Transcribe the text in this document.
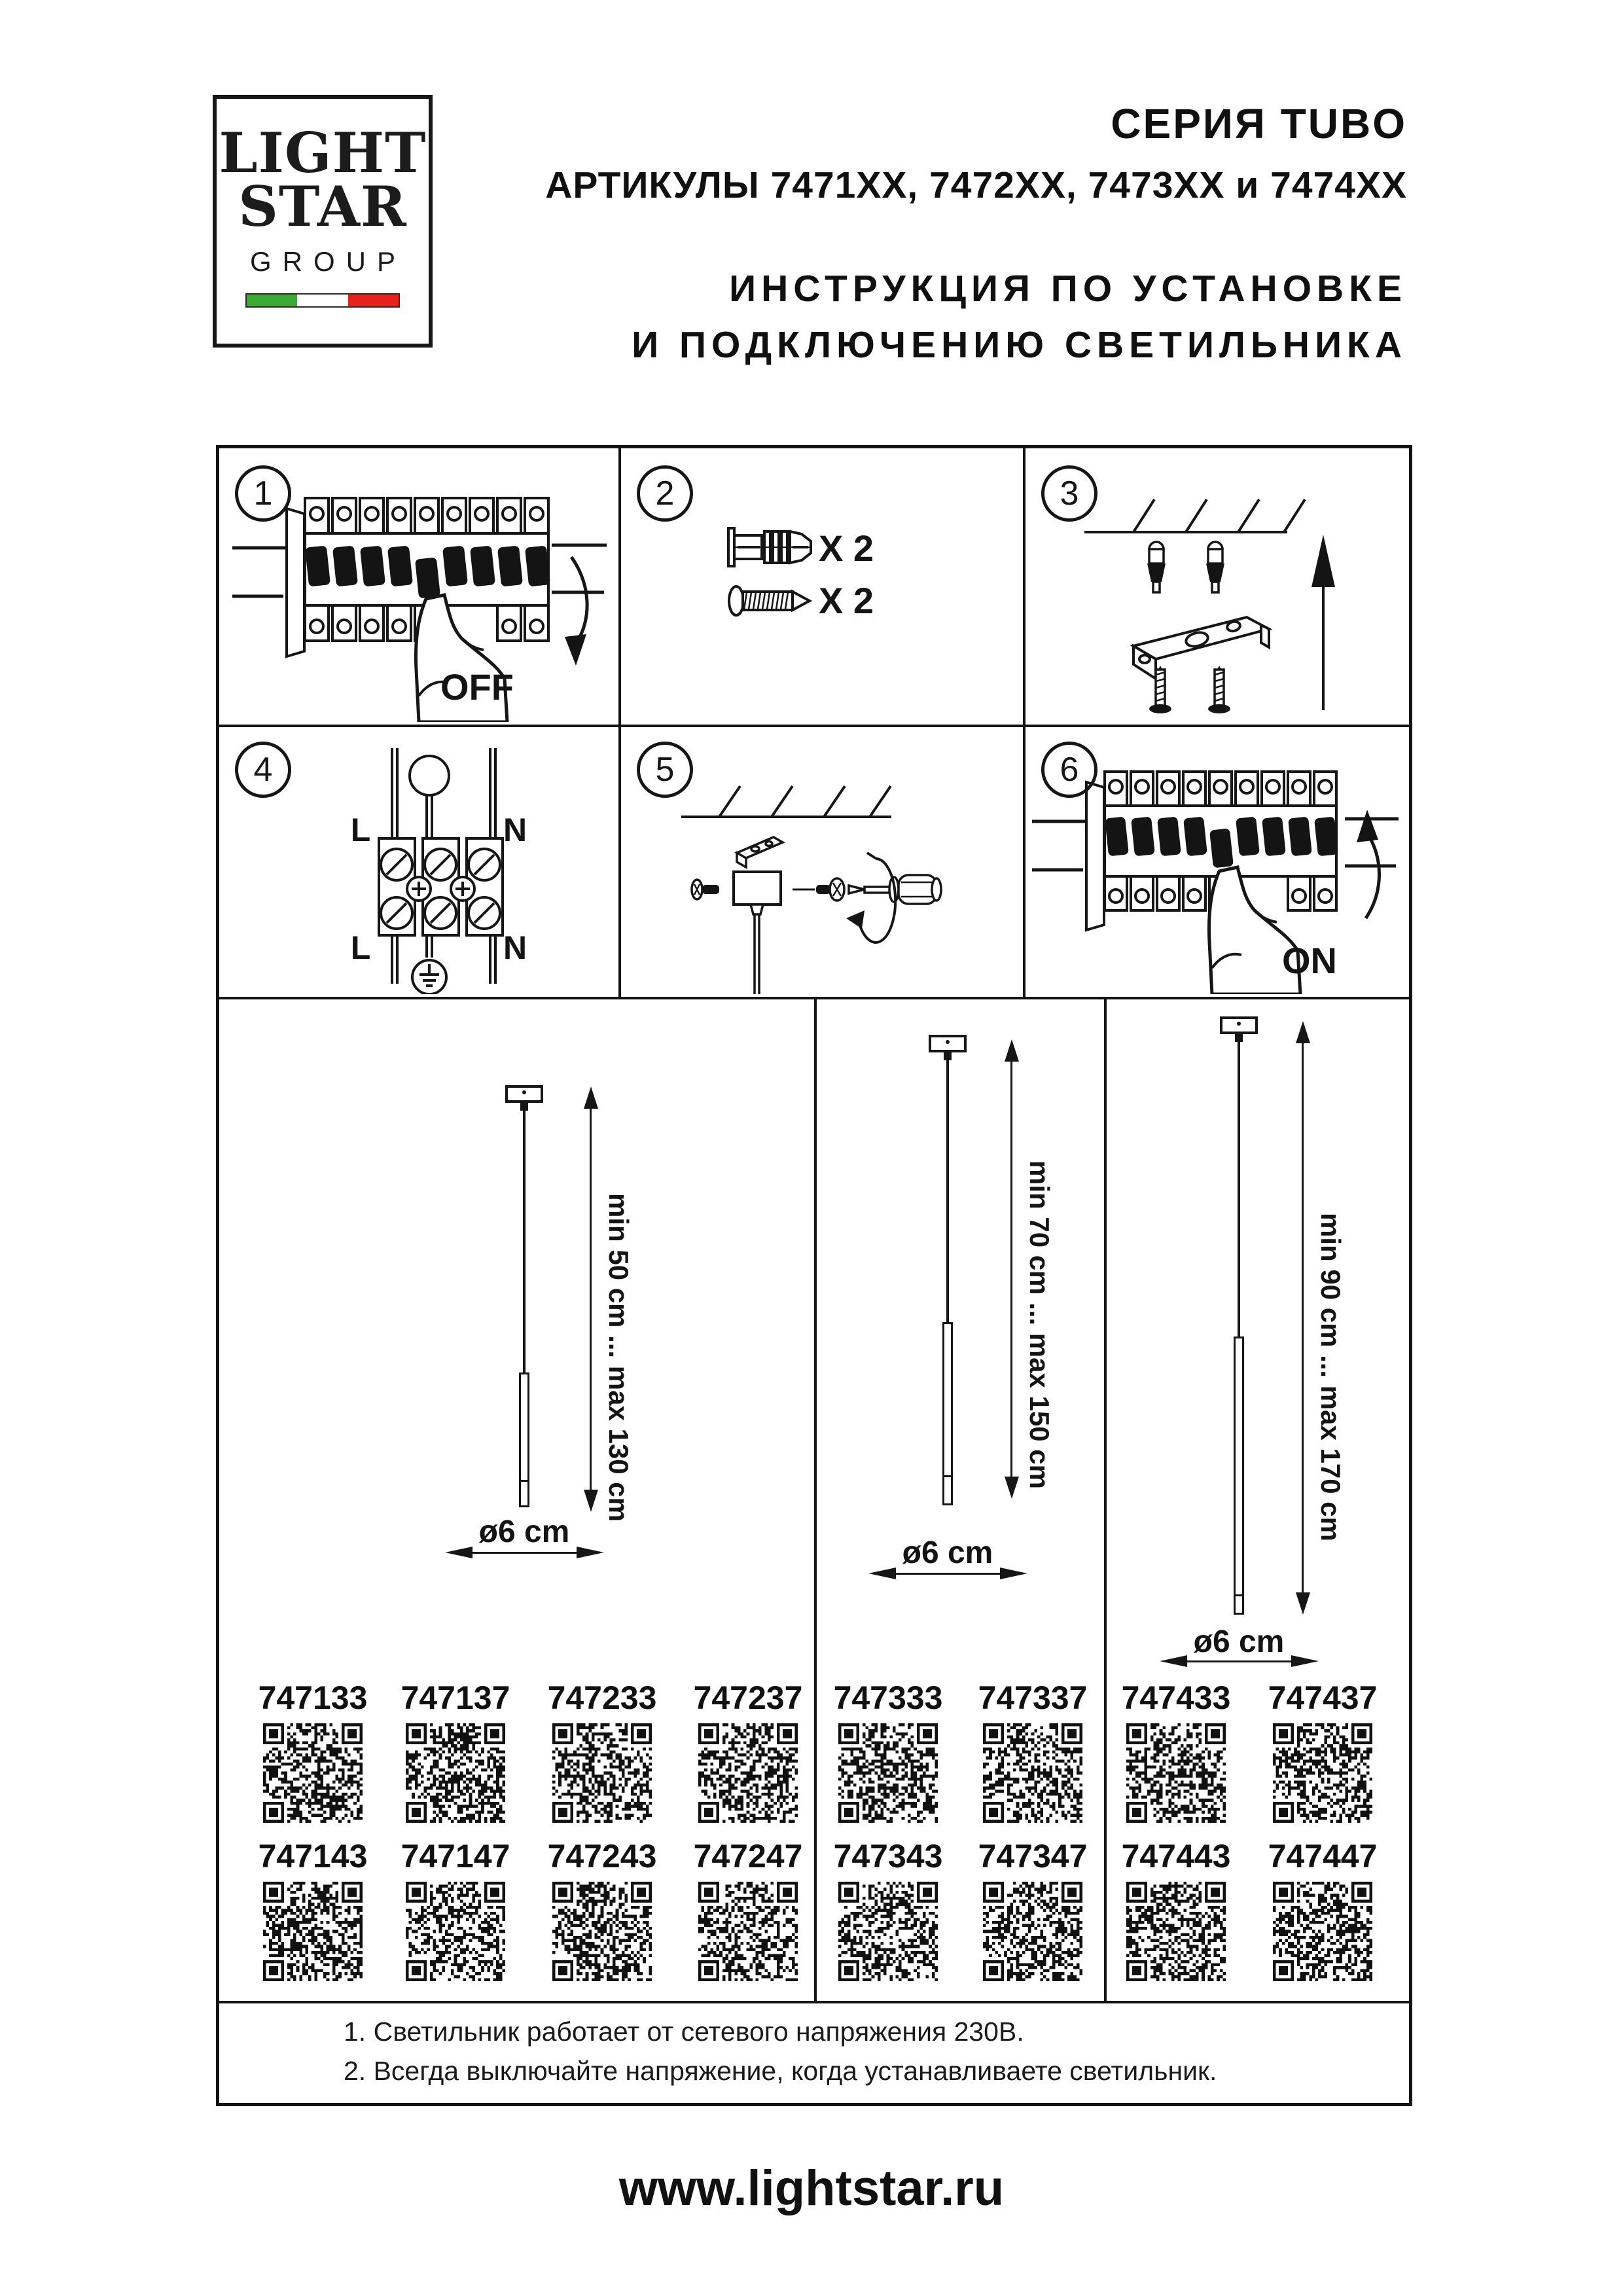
LIGHT
STAR
GROUP
СЕРИЯ TUBO
АРТИКУЛЫ 7471ХХ, 7472ХХ, 7473ХХ и 7474ХХ
ИНСТРУКЦИЯ ПО УСТАНОВКЕ
И ПОДКЛЮЧЕНИЮ СВЕТИЛЬНИКА
OFF
1
X 2
X 2
2	3
L	N
L	N
4	5
ON
6
min 50 cm ... max 130 cm
ø6 cm
747133 747137 747233 747237
747143 747147 747243 747247
min 70 cm ... max 150 cm
ø6 cm
747333 747337
747343 747347
min 90 cm ... max 170 cm
ø6 cm
747433 747437
747443 747447
1. Светильник работает от сетевого напряжения 230В.
2. Всегда выключайте напряжение, когда устанавливаете светильник.
www.lightstar.ru
